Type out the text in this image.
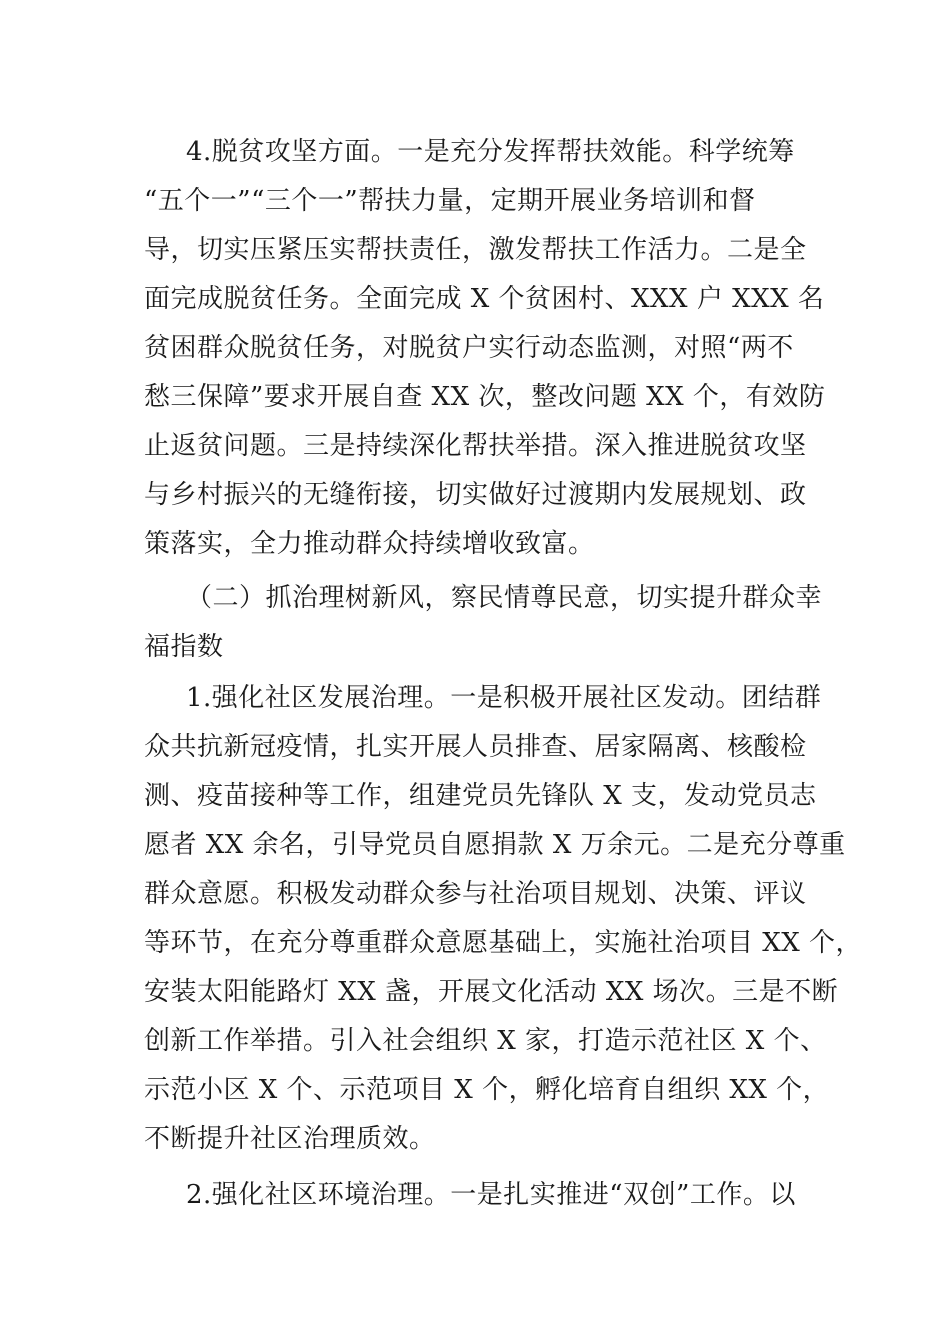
4.脱贫攻坚方面。一是充分发挥帮扶效能。科学统筹
“五个一”“三个一”帮扶力量，定期开展业务培训和督
导，切实压紧压实帮扶责任，激发帮扶工作活力。二是全
面完成脱贫任务。全面完成 X 个贫困村、XXX 户 XXX 名
贫困群众脱贫任务，对脱贫户实行动态监测，对照“两不
愁三保障”要求开展自查 XX 次，整改问题 XX 个，有效防
止返贫问题。三是持续深化帮扶举措。深入推进脱贫攻坚
与乡村振兴的无缝衔接，切实做好过渡期内发展规划、政
策落实，全力推动群众持续增收致富。
（二）抓治理树新风，察民情尊民意，切实提升群众幸
福指数
1.强化社区发展治理。一是积极开展社区发动。团结群
众共抗新冠疫情，扎实开展人员排查、居家隔离、核酸检
测、疫苗接种等工作，组建党员先锋队 X 支，发动党员志
愿者 XX 余名，引导党员自愿捐款 X 万余元。二是充分尊重
群众意愿。积极发动群众参与社治项目规划、决策、评议
等环节，在充分尊重群众意愿基础上，实施社治项目 XX 个，
安装太阳能路灯 XX 盏，开展文化活动 XX 场次。三是不断
创新工作举措。引入社会组织 X 家，打造示范社区 X 个、
示范小区 X 个、示范项目 X 个，孵化培育自组织 XX 个，
不断提升社区治理质效。
2.强化社区环境治理。一是扎实推进“双创”工作。以
